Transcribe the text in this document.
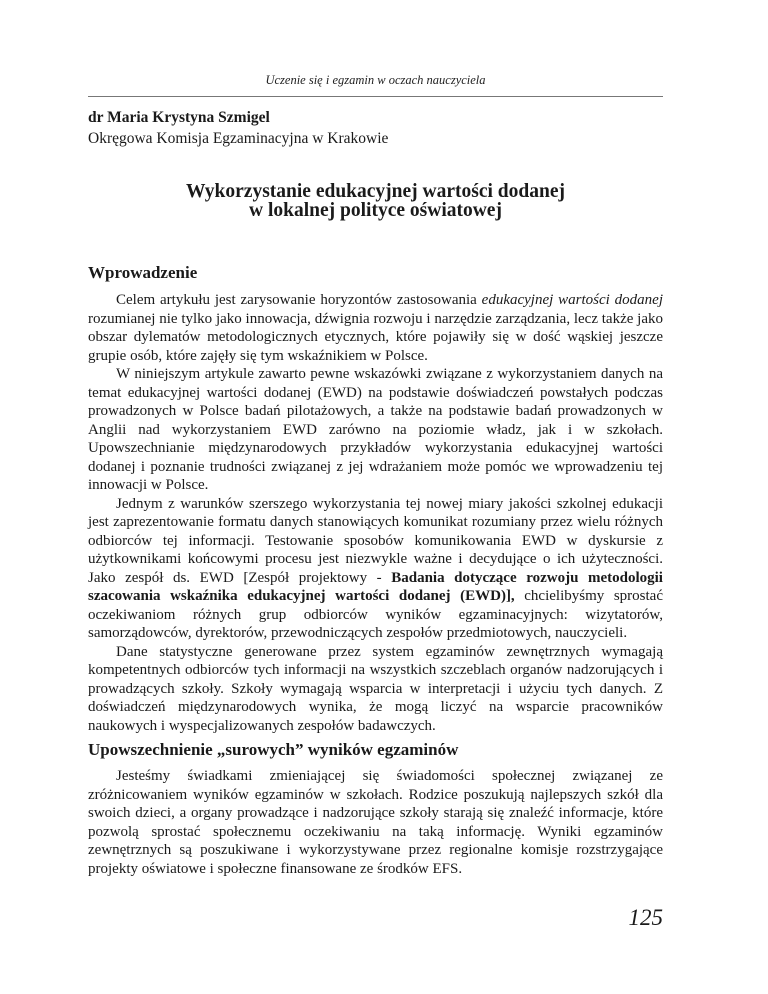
Uczenie się i egzamin w oczach nauczyciela
dr Maria Krystyna Szmigel
Okręgowa Komisja Egzaminacyjna w Krakowie
Wykorzystanie edukacyjnej wartości dodanej
w lokalnej polityce oświatowej
Wprowadzenie

Celem artykułu jest zarysowanie horyzontów zastosowania edukacyjnej wartości dodanej rozumianej nie tylko jako innowacja, dźwignia rozwoju i narzędzie zarządzania, lecz także jako obszar dylematów metodologicznych etycznych, które pojawiły się w dość wąskiej jeszcze grupie osób, które zajęły się tym wskaźnikiem w Polsce.

W niniejszym artykule zawarto pewne wskazówki związane z wykorzystaniem danych na temat edukacyjnej wartości dodanej (EWD) na podstawie doświadczeń powstałych podczas prowadzonych w Polsce badań pilotażowych, a także na podstawie badań prowadzonych w Anglii nad wykorzystaniem EWD zarówno na poziomie władz, jak i w szkołach. Upowszechnianie międzynarodowych przykładów wykorzystania edukacyjnej wartości dodanej i poznanie trudności związanej z jej wdrażaniem może pomóc we wprowadzeniu tej innowacji w Polsce.

Jednym z warunków szerszego wykorzystania tej nowej miary jakości szkolnej edukacji jest zaprezentowanie formatu danych stanowiących komunikat rozumiany przez wielu różnych odbiorców tej informacji. Testowanie sposobów komunikowania EWD w dyskursie z użytkownikami końcowymi procesu jest niezwykle ważne i decydujące o ich użyteczności. Jako zespół ds. EWD [Zespół projektowy - Badania dotyczące rozwoju metodologii szacowania wskaźnika edukacyjnej wartości dodanej (EWD)], chcielibyśmy sprostać oczekiwaniom różnych grup odbiorców wyników egzaminacyjnych: wizytatorów, samorządowców, dyrektorów, przewodniczących zespołów przedmiotowych, nauczycieli.

Dane statystyczne generowane przez system egzaminów zewnętrznych wymagają kompetentnych odbiorców tych informacji na wszystkich szczeblach organów nadzorujących i prowadzących szkoły. Szkoły wymagają wsparcia w interpretacji i użyciu tych danych. Z doświadczeń międzynarodowych wynika, że mogą liczyć na wsparcie pracowników naukowych i wyspecjalizowanych zespołów badawczych.

Upowszechnienie „surowych” wyników egzaminów

Jesteśmy świadkami zmieniającej się świadomości społecznej związanej ze zróżnicowaniem wyników egzaminów w szkołach. Rodzice poszukują najlepszych szkół dla swoich dzieci, a organy prowadzące i nadzorujące szkoły starają się znaleźć informacje, które pozwolą sprostać społecznemu oczekiwaniu na taką informację. Wyniki egzaminów zewnętrznych są poszukiwane i wykorzystywane przez regionalne komisje rozstrzygające projekty oświatowe i społeczne finansowane ze środków EFS.

125
